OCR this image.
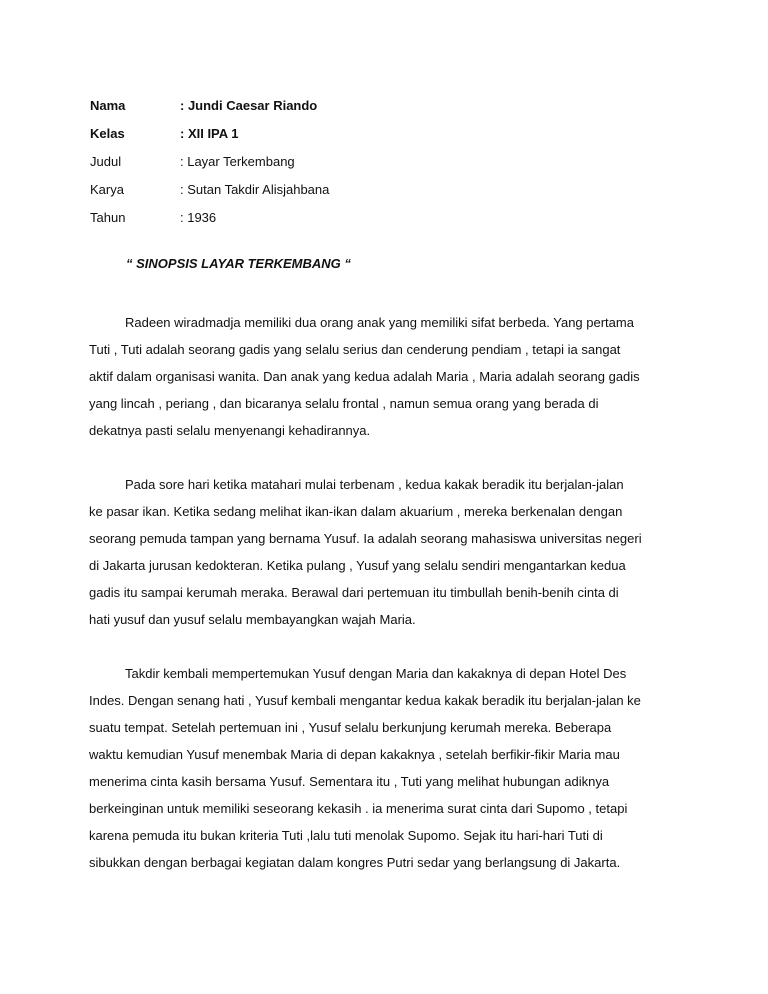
Nama	: Jundi Caesar Riando
Kelas	: XII IPA 1
Judul	: Layar Terkembang
Karya	: Sutan Takdir Alisjahbana
Tahun	: 1936
“ SINOPSIS LAYAR TERKEMBANG “

Radeen wiradmadja memiliki dua orang anak yang memiliki sifat berbeda. Yang pertama
Tuti , Tuti adalah seorang gadis yang selalu serius dan cenderung pendiam , tetapi ia sangat
aktif dalam organisasi wanita. Dan anak yang kedua adalah Maria , Maria adalah seorang gadis
yang lincah , periang , dan bicaranya selalu frontal , namun semua orang yang berada di
dekatnya pasti selalu menyenangi kehadirannya.

Pada sore hari ketika matahari mulai terbenam , kedua kakak beradik itu berjalan-jalan
ke pasar ikan. Ketika sedang melihat ikan-ikan dalam akuarium , mereka berkenalan dengan
seorang pemuda tampan yang bernama Yusuf. Ia adalah seorang mahasiswa universitas negeri
di Jakarta jurusan kedokteran. Ketika pulang , Yusuf yang selalu sendiri mengantarkan kedua
gadis itu sampai kerumah meraka. Berawal dari pertemuan itu timbullah benih-benih cinta di
hati yusuf dan yusuf selalu membayangkan wajah Maria.

Takdir kembali mempertemukan Yusuf dengan Maria dan kakaknya di depan Hotel Des
Indes. Dengan senang hati , Yusuf kembali mengantar kedua kakak beradik itu berjalan-jalan ke
suatu tempat. Setelah pertemuan ini , Yusuf selalu berkunjung kerumah mereka. Beberapa
waktu kemudian Yusuf menembak Maria di depan kakaknya , setelah berfikir-fikir Maria mau
menerima cinta kasih bersama Yusuf. Sementara itu , Tuti yang melihat hubungan adiknya
berkeinginan untuk memiliki seseorang kekasih . ia menerima surat cinta dari Supomo , tetapi
karena pemuda itu bukan kriteria Tuti ,lalu tuti menolak Supomo. Sejak itu hari-hari Tuti di
sibukkan dengan berbagai kegiatan dalam kongres Putri sedar yang berlangsung di Jakarta.
